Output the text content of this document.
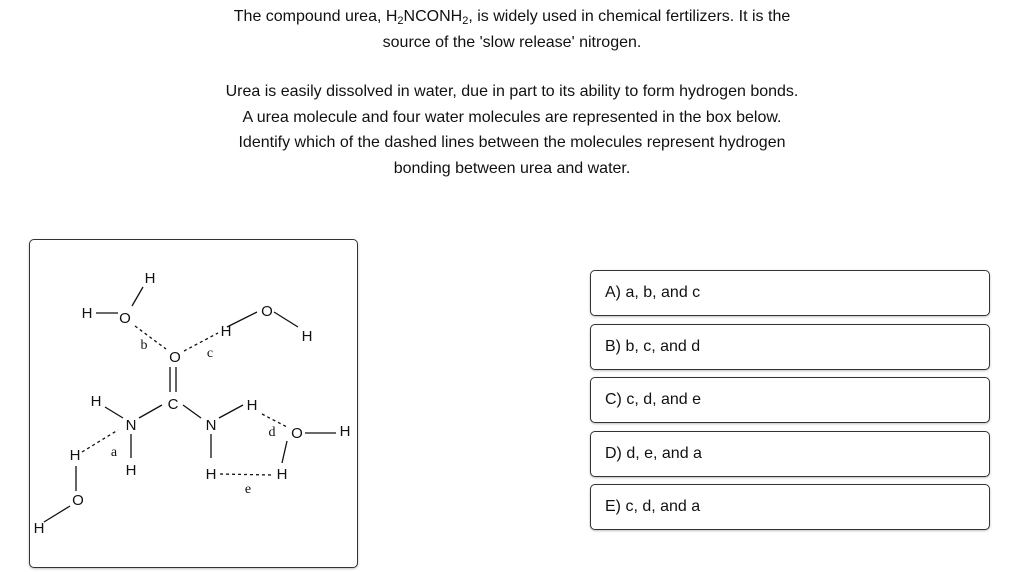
The compound urea, $H_2NCONH_2$, is widely used in chemical fertilizers. It is the

source of the 'slow release' nitrogen.

Urea is easily dissolved in water, due in part to its ability to form hydrogen bonds.

A urea molecule and four water molecules are represented in the box below.

Identify which of the dashed lines between the molecules represent hydrogen

bonding between urea and water.

H
H O	O
H
H
O
C
H
N	N
H
O H
H
H	H	H
O
H
b
c
d
a
e
A) a, b, and c
B) b, c, and d
C) c, d, and e
D) d, e, and a
E) c, d, and a
